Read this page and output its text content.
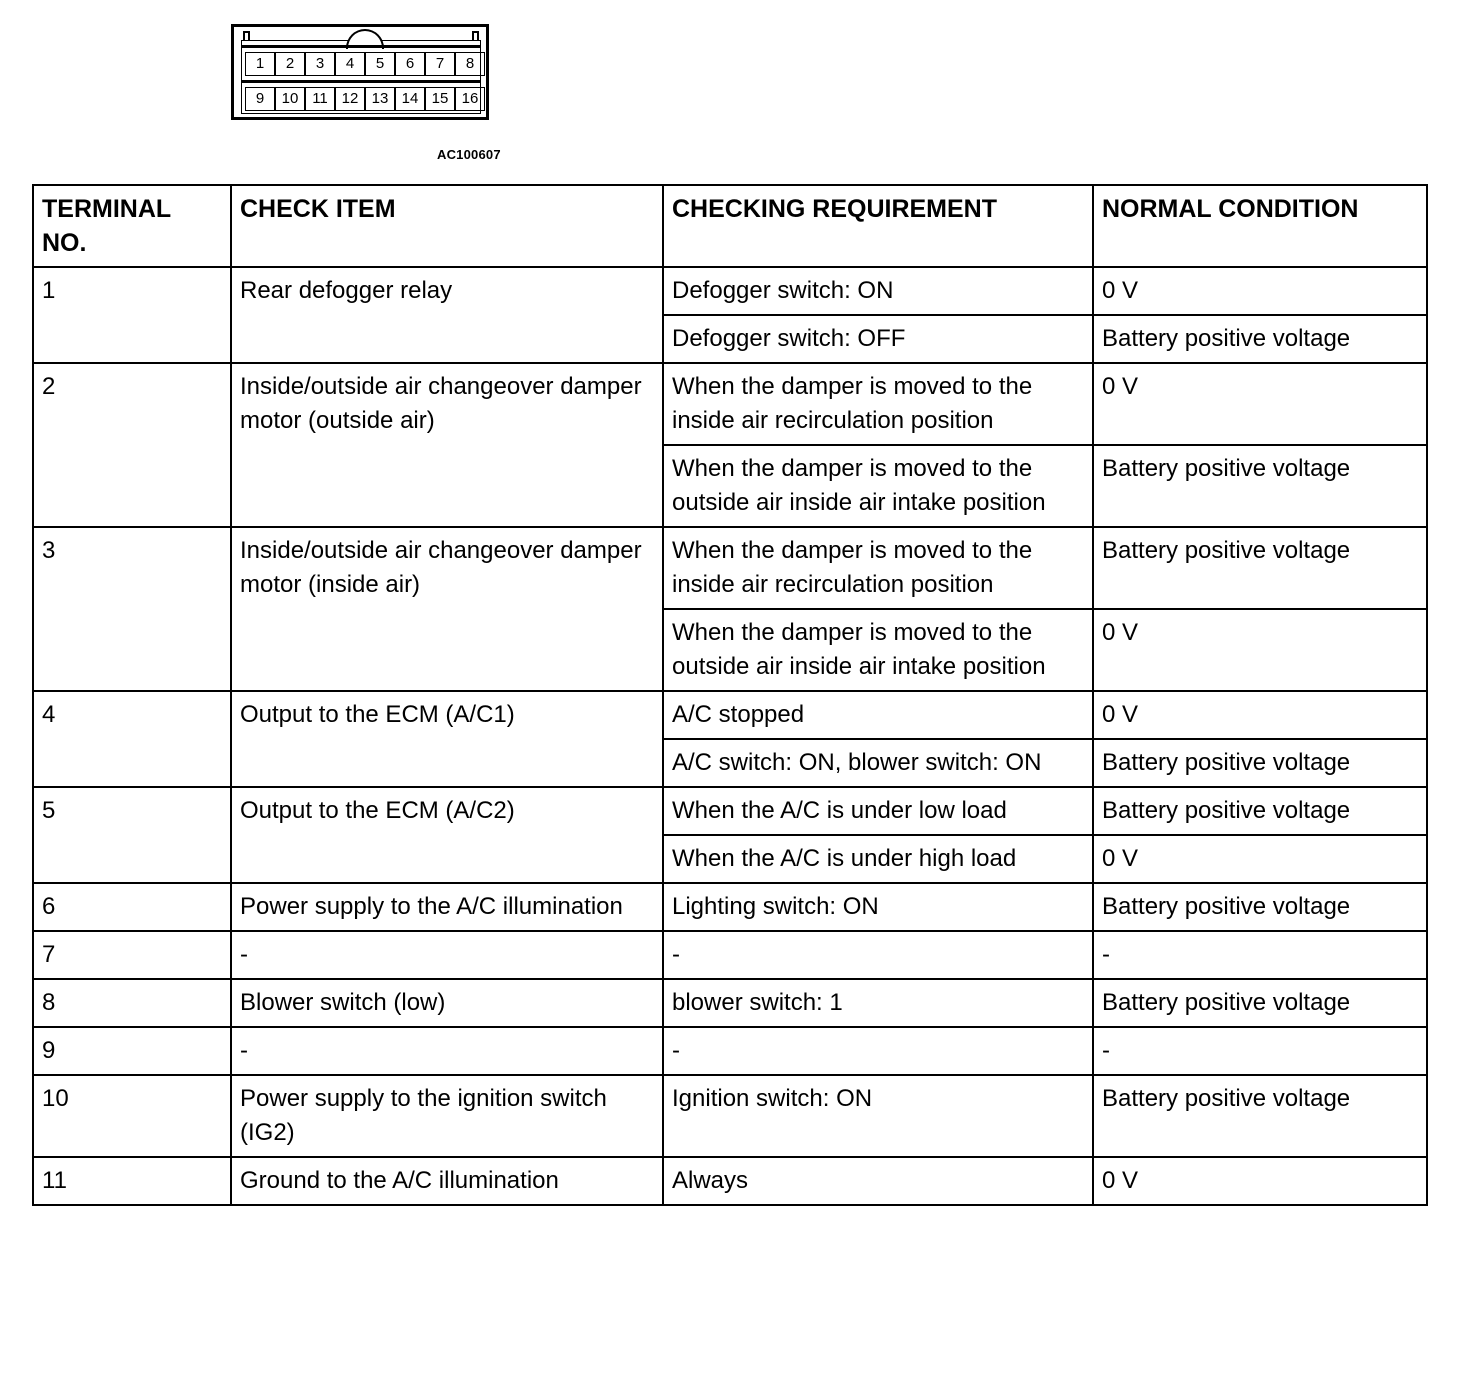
1	2	3	4	5	6	7	8
9	10 11 12 13 14 15 16
AC100607
TERMINAL NO.	CHECK ITEM	CHECKING REQUIREMENT	NORMAL CONDITION
1	Rear defogger relay	Defogger switch: ON	0 V
		Defogger switch: OFF	Battery positive voltage
2	Inside/outside air changeover damper motor (outside air)	When the damper is moved to the inside air recirculation position	0 V
		When the damper is moved to the outside air inside air intake position	Battery positive voltage
3	Inside/outside air changeover damper motor (inside air)	When the damper is moved to the inside air recirculation position	Battery positive voltage
		When the damper is moved to the outside air inside air intake position	0 V
4	Output to the ECM (A/C1)	A/C stopped	0 V
		A/C switch: ON, blower switch: ON	Battery positive voltage
5	Output to the ECM (A/C2)	When the A/C is under low load	Battery positive voltage
		When the A/C is under high load	0 V
6	Power supply to the A/C illumination	Lighting switch: ON	Battery positive voltage
7	-	-	-
8	Blower switch (low)	blower switch: 1	Battery positive voltage
9	-	-	-
10	Power supply to the ignition switch (IG2)	Ignition switch: ON	Battery positive voltage
11	Ground to the A/C illumination	Always	0 V
